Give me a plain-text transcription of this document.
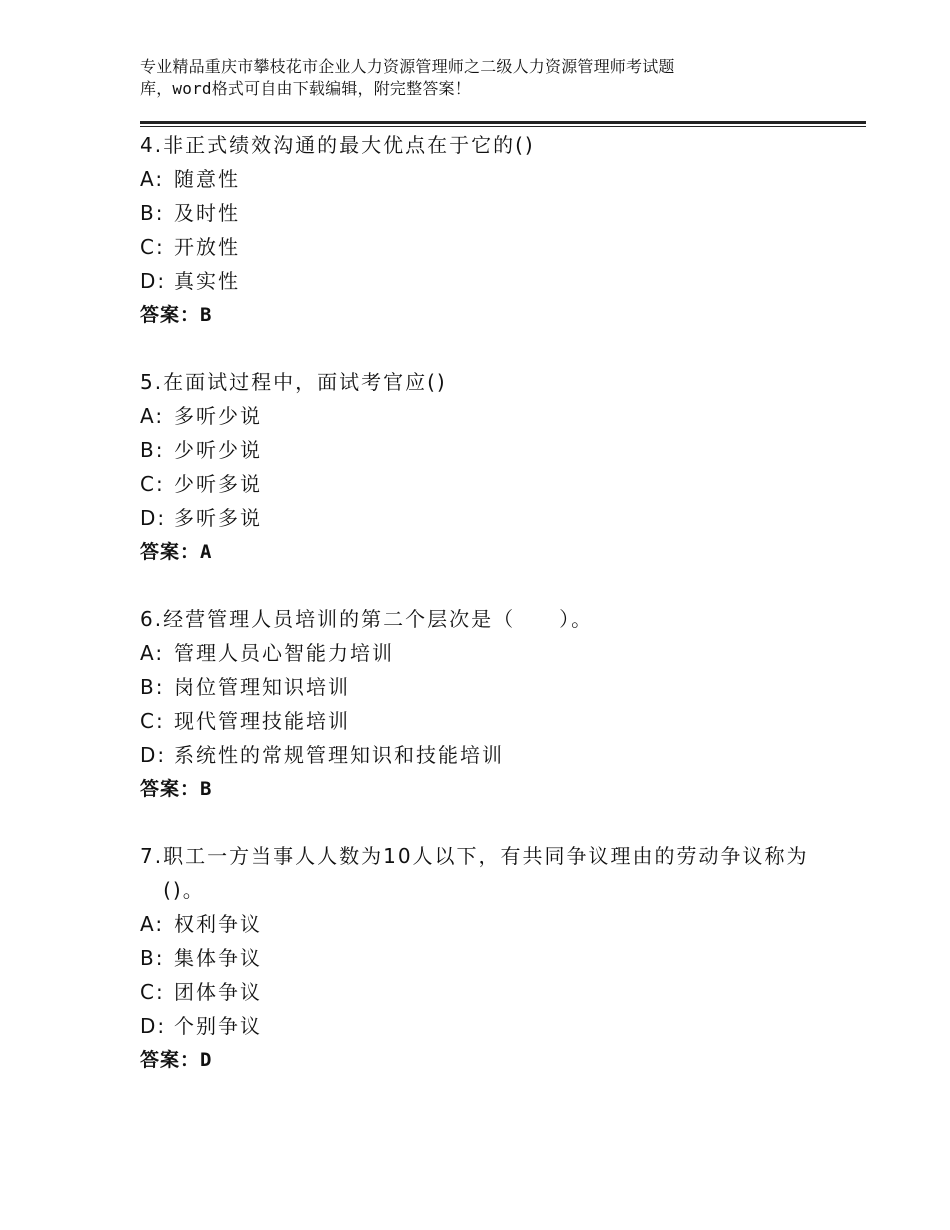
专业精品重庆市攀枝花市企业人力资源管理师之二级人力资源管理师考试题
库，word格式可自由下载编辑，附完整答案！
4. 非正式绩效沟通的最大优点在于它的()
A: 随意性
B: 及时性
C: 开放性
D: 真实性
答案：B
5. 在面试过程中，面试考官应()
A: 多听少说
B: 少听少说
C: 少听多说
D: 多听多说
答案：A
6. 经营管理人员培训的第二个层次是（　　）。
A: 管理人员心智能力培训
B: 岗位管理知识培训
C: 现代管理技能培训
D: 系统性的常规管理知识和技能培训
答案：B
7. 职工一方当事人人数为10人以下，有共同争议理由的劳动争议称为()。
A: 权利争议
B: 集体争议
C: 团体争议
D: 个别争议
答案：D
